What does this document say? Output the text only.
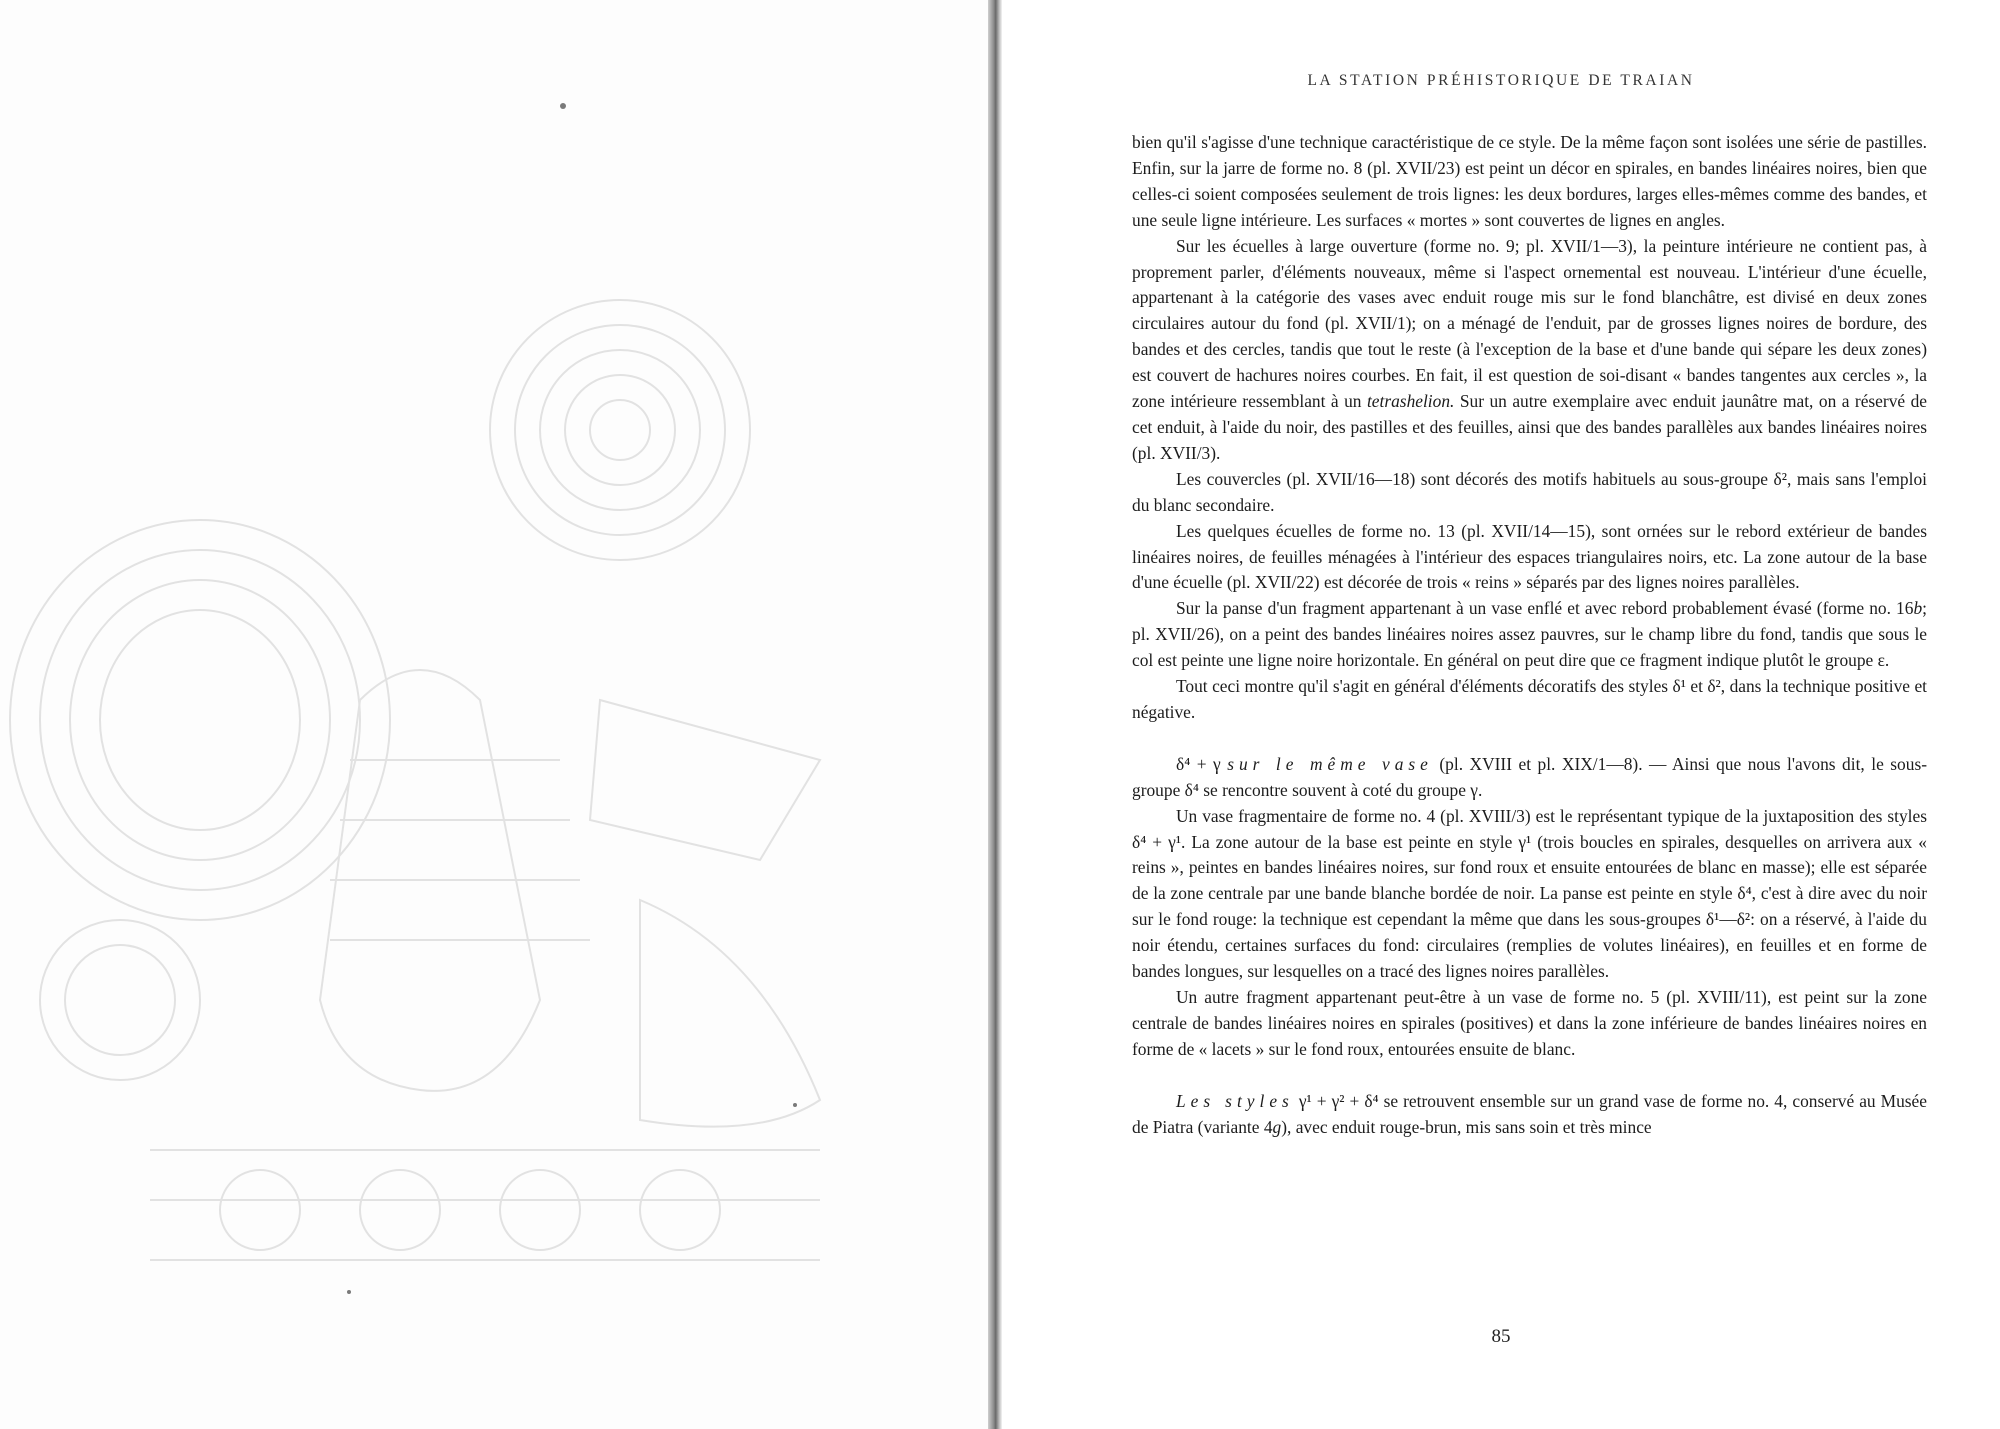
LA STATION PRÉHISTORIQUE DE TRAIAN

bien qu'il s'agisse d'une technique caractéristique de ce style. De la même façon sont isolées une série de pastilles. Enfin, sur la jarre de forme no. 8 (pl. XVII/23) est peint un décor en spirales, en bandes linéaires noires, bien que celles-ci soient composées seulement de trois lignes: les deux bordures, larges elles-mêmes comme des bandes, et une seule ligne intérieure. Les surfaces « mortes » sont couvertes de lignes en angles.

Sur les écuelles à large ouverture (forme no. 9; pl. XVII/1—3), la peinture intérieure ne contient pas, à proprement parler, d'éléments nouveaux, même si l'aspect ornemental est nouveau. L'intérieur d'une écuelle, appartenant à la catégorie des vases avec enduit rouge mis sur le fond blanchâtre, est divisé en deux zones circulaires autour du fond (pl. XVII/1); on a ménagé de l'enduit, par de grosses lignes noires de bordure, des bandes et des cercles, tandis que tout le reste (à l'exception de la base et d'une bande qui sépare les deux zones) est couvert de hachures noires courbes. En fait, il est question de soi-disant « bandes tangentes aux cercles », la zone intérieure ressemblant à un tetrashelion. Sur un autre exemplaire avec enduit jaunâtre mat, on a réservé de cet enduit, à l'aide du noir, des pastilles et des feuilles, ainsi que des bandes parallèles aux bandes linéaires noires (pl. XVII/3).

Les couvercles (pl. XVII/16—18) sont décorés des motifs habituels au sous-groupe δ², mais sans l'emploi du blanc secondaire.

Les quelques écuelles de forme no. 13 (pl. XVII/14—15), sont ornées sur le rebord extérieur de bandes linéaires noires, de feuilles ménagées à l'intérieur des espaces triangulaires noirs, etc. La zone autour de la base d'une écuelle (pl. XVII/22) est décorée de trois « reins » séparés par des lignes noires parallèles.

Sur la panse d'un fragment appartenant à un vase enflé et avec rebord probablement évasé (forme no. 16b; pl. XVII/26), on a peint des bandes linéaires noires assez pauvres, sur le champ libre du fond, tandis que sous le col est peinte une ligne noire horizontale. En général on peut dire que ce fragment indique plutôt le groupe ε.

Tout ceci montre qu'il s'agit en général d'éléments décoratifs des styles δ¹ et δ², dans la technique positive et négative.

δ⁴ + γ sur le même vase (pl. XVIII et pl. XIX/1—8). — Ainsi que nous l'avons dit, le sous-groupe δ⁴ se rencontre souvent à coté du groupe γ.

Un vase fragmentaire de forme no. 4 (pl. XVIII/3) est le représentant typique de la juxtaposition des styles δ⁴ + γ¹. La zone autour de la base est peinte en style γ¹ (trois boucles en spirales, desquelles on arrivera aux « reins », peintes en bandes linéaires noires, sur fond roux et ensuite entourées de blanc en masse); elle est séparée de la zone centrale par une bande blanche bordée de noir. La panse est peinte en style δ⁴, c'est à dire avec du noir sur le fond rouge: la technique est cependant la même que dans les sous-groupes δ¹—δ²: on a réservé, à l'aide du noir étendu, certaines surfaces du fond: circulaires (remplies de volutes linéaires), en feuilles et en forme de bandes longues, sur lesquelles on a tracé des lignes noires parallèles.

Un autre fragment appartenant peut-être à un vase de forme no. 5 (pl. XVIII/11), est peint sur la zone centrale de bandes linéaires noires en spirales (positives) et dans la zone inférieure de bandes linéaires noires en forme de « lacets » sur le fond roux, entourées ensuite de blanc.

Les styles γ¹ + γ² + δ⁴ se retrouvent ensemble sur un grand vase de forme no. 4, conservé au Musée de Piatra (variante 4g), avec enduit rouge-brun, mis sans soin et très mince

85
